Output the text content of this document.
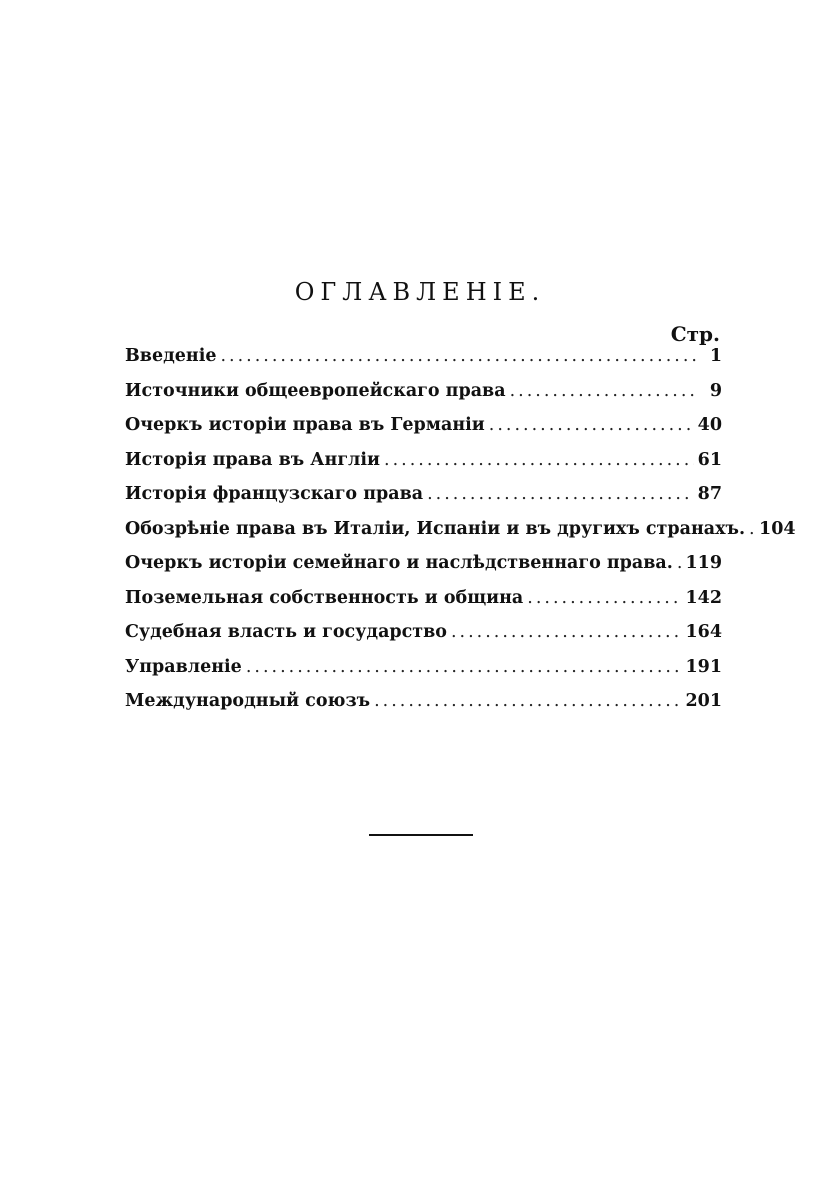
ОГЛАВЛЕНІЕ.
Стр.
Введеніе .....	1
Источники общеевропейскаго права .....	9
Очеркъ исторіи права въ Германіи .....	40
Исторія права въ Англіи .....	61
Исторія французскаго права .....	87
Обозрѣніе права въ Италіи, Испаніи и въ другихъ странахъ. ..... 104
Очеркъ исторіи семейнаго и наслѣдственнаго права. ..... 119
Поземельная собственность и община .....	142
Судебная власть и государство .....	164
Управленіе .....	191
Международный союзъ .....	201
